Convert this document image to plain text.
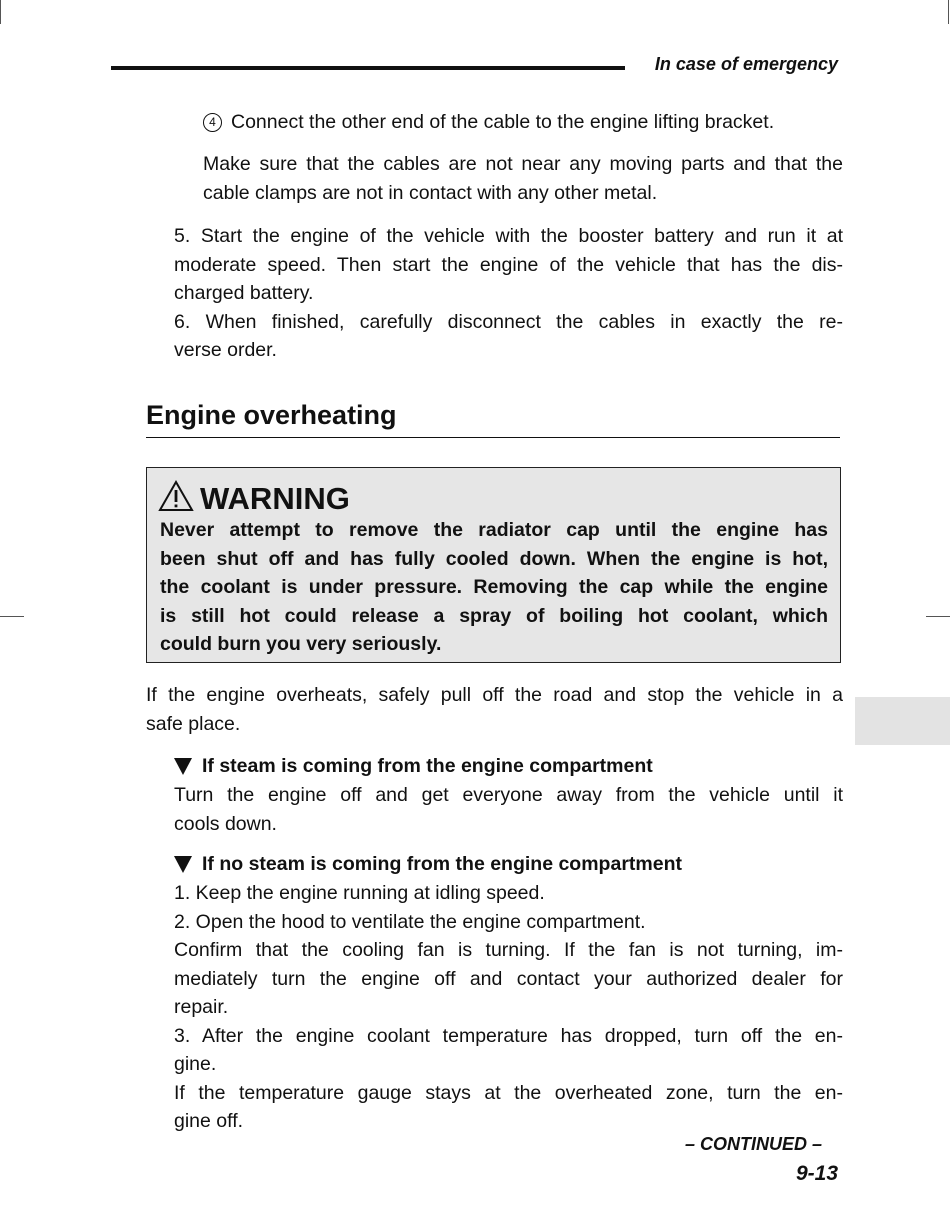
In case of emergency
4 Connect the other end of the cable to the engine lifting bracket.
Make sure that the cables are not near any moving parts and that the cable clamps are not in contact with any other metal.

5. Start the engine of the vehicle with the booster battery and run it at

moderate speed. Then start the engine of the vehicle that has the dis-

charged battery.

6. When finished, carefully disconnect the cables in exactly the re-

verse order.

Engine overheating
WARNING
Never attempt to remove the radiator cap until the engine has
been shut off and has fully cooled down. When the engine is hot,
the coolant is under pressure. Removing the cap while the engine
is still hot could release a spray of boiling hot coolant, which
could burn you very seriously.

If the engine overheats, safely pull off the road and stop the vehicle in a

safe place.

If steam is coming from the engine compartment

Turn the engine off and get everyone away from the vehicle until it

cools down.

If no steam is coming from the engine compartment

1. Keep the engine running at idling speed.

2. Open the hood to ventilate the engine compartment.

Confirm that the cooling fan is turning. If the fan is not turning, im-

mediately turn the engine off and contact your authorized dealer for

repair.

3. After the engine coolant temperature has dropped, turn off the en-

gine.

If the temperature gauge stays at the overheated zone, turn the en-

gine off.

– CONTINUED –
9-13
